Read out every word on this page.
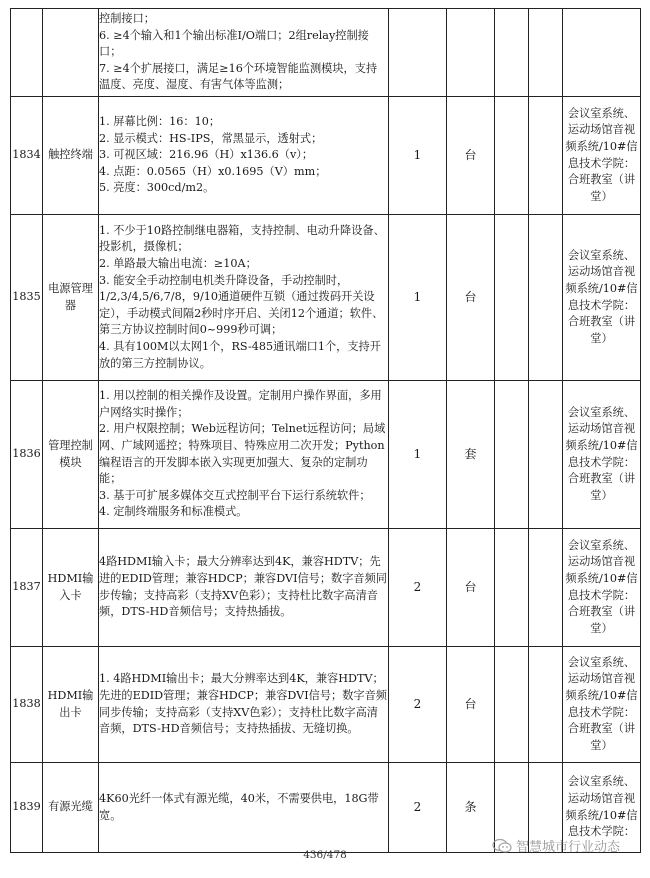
		控制接口；
6. ≥4个输入和1个输出标准I/O端口；2组relay控制接口；
7. ≥4个扩展接口，满足≥16个环境智能监测模块，支持温度、亮度、湿度、有害气体等监测；					

1834	触控终端	1. 屏幕比例：16：10；
2. 显示模式：HS-IPS，常黑显示，透射式；
3. 可视区域：216.96（H）x136.6（v）；
4. 点距：0.0565（H）x0.1695（V）mm；
5. 亮度：300cd/m2。	1	台			会议室系统、运动场馆音视频系统/10#信息技术学院：合班教室（讲堂）
1835	电源管理器	1. 不少于10路控制继电器箱，支持控制、电动升降设备、投影机，摄像机；
2. 单路最大输出电流：≥10A；
3. 能安全手动控制电机类升降设备，手动控制时，1/2,3/4,5/6,7/8，9/10通道硬件互锁（通过拨码开关设定），手动模式间隔2秒时序开启、关闭12个通道；软件、第三方协议控制时间0~999秒可调；
4. 具有100M以太网1个，RS-485通讯端口1个，支持开放的第三方控制协议。	1	台			会议室系统、运动场馆音视频系统/10#信息技术学院：合班教室（讲堂）
1836	管理控制模块	1. 用以控制的相关操作及设置。定制用户操作界面，多用户网络实时操作；
2. 用户权限控制；Web远程访问；Telnet远程访问；局域网、广域网遥控；特殊项目、特殊应用二次开发；Python编程语言的开发脚本嵌入实现更加强大、复杂的定制功能；
3. 基于可扩展多媒体交互式控制平台下运行系统软件；
4. 定制终端服务和标准模式。	1	套			会议室系统、运动场馆音视频系统/10#信息技术学院：合班教室（讲堂）
1837	HDMI输入卡	4路HDMI输入卡；最大分辨率达到4K，兼容HDTV；先进的EDID管理；兼容HDCP；兼容DVI信号；数字音频同步传输；支持高彩（支持XV色彩）；支持杜比数字高清音频，DTS-HD音频信号；支持热插拔。	2	台			会议室系统、运动场馆音视频系统/10#信息技术学院：合班教室（讲堂）
1838	HDMI输出卡	1. 4路HDMI输出卡；最大分辨率达到4K，兼容HDTV；先进的EDID管理；兼容HDCP；兼容DVI信号；数字音频同步传输；支持高彩（支持XV色彩）；支持杜比数字高清音频，DTS-HD音频信号；支持热插拔、无缝切换。	2	台			会议室系统、运动场馆音视频系统/10#信息技术学院：合班教室（讲堂）
1839	有源光缆	4K60光纤一体式有源光缆，40米，不需要供电，18G带宽。	2	条			会议室系统、运动场馆音视频系统/10#信息技术学院：
436/478	智慧城市行业动态
